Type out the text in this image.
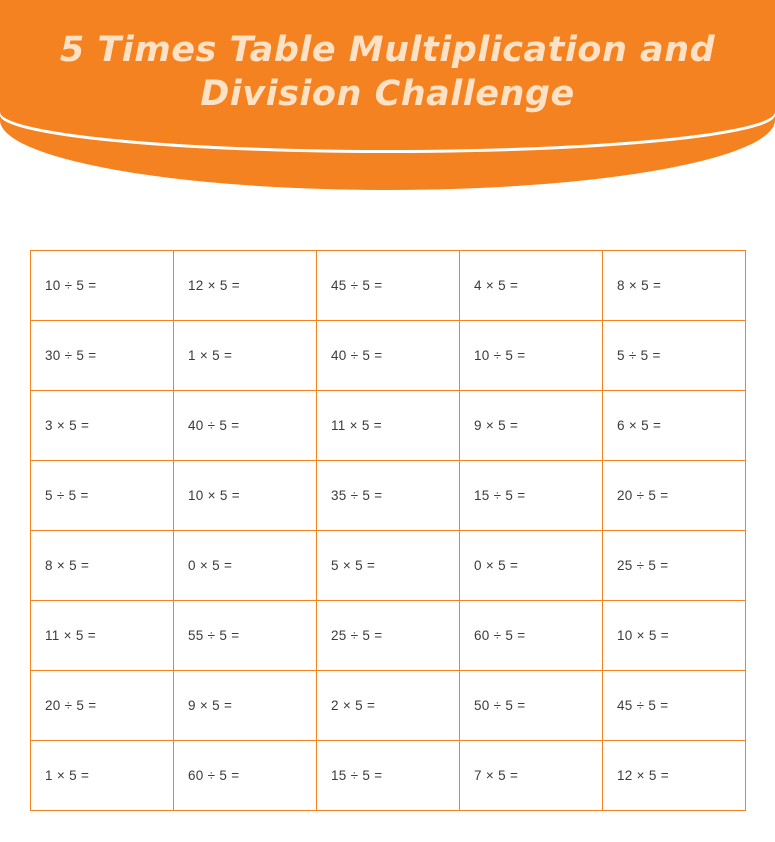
5 Times Table Multiplication and
Division Challenge
10 ÷ 5 =	12 × 5 =	45 ÷ 5 =	4 × 5 =	8 × 5 =
30 ÷ 5 =	1 × 5 =	40 ÷ 5 =	10 ÷ 5 =	5 ÷ 5 =
3 × 5 =	40 ÷ 5 =	11 × 5 =	9 × 5 =	6 × 5 =
5 ÷ 5 =	10 × 5 =	35 ÷ 5 =	15 ÷ 5 =	20 ÷ 5 =
8 × 5 =	0 × 5 =	5 × 5 =	0 × 5 =	25 ÷ 5 =
11 × 5 =	55 ÷ 5 =	25 ÷ 5 =	60 ÷ 5 =	10 × 5 =
20 ÷ 5 =	9 × 5 =	2 × 5 =	50 ÷ 5 =	45 ÷ 5 =
1 × 5 =	60 ÷ 5 =	15 ÷ 5 =	7 × 5 =	12 × 5 =
